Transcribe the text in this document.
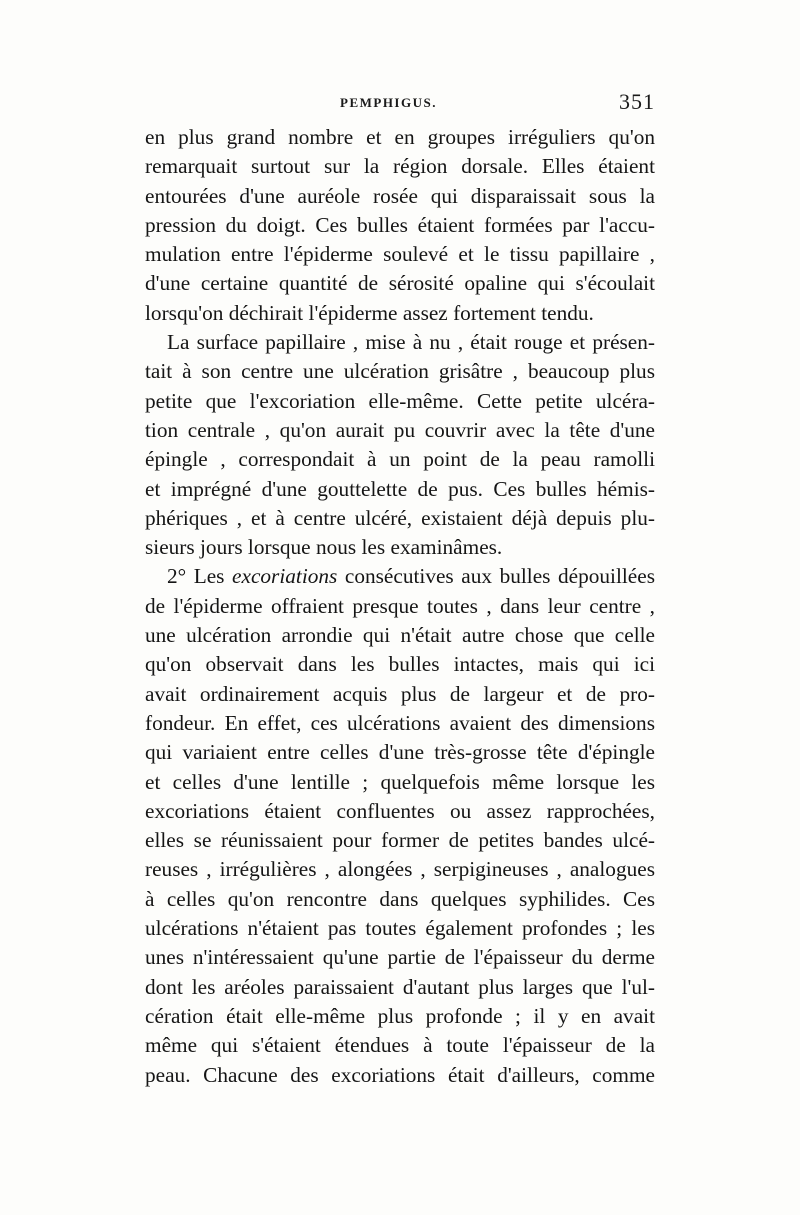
PEMPHIGUS.	351
en plus grand nombre et en groupes irréguliers qu'on
remarquait surtout sur la région dorsale. Elles étaient
entourées d'une auréole rosée qui disparaissait sous la
pression du doigt. Ces bulles étaient formées par l'accu-
mulation entre l'épiderme soulevé et le tissu papillaire ,
d'une certaine quantité de sérosité opaline qui s'écoulait
lorsqu'on déchirait l'épiderme assez fortement tendu.
La surface papillaire , mise à nu , était rouge et présen-
tait à son centre une ulcération grisâtre , beaucoup plus
petite que l'excoriation elle-même. Cette petite ulcéra-
tion centrale , qu'on aurait pu couvrir avec la tête d'une
épingle , correspondait à un point de la peau ramolli
et imprégné d'une gouttelette de pus. Ces bulles hémis-
phériques , et à centre ulcéré, existaient déjà depuis plu-
sieurs jours lorsque nous les examinâmes.
2° Les excoriations consécutives aux bulles dépouillées
de l'épiderme offraient presque toutes , dans leur centre ,
une ulcération arrondie qui n'était autre chose que celle
qu'on observait dans les bulles intactes, mais qui ici
avait ordinairement acquis plus de largeur et de pro-
fondeur. En effet, ces ulcérations avaient des dimensions
qui variaient entre celles d'une très-grosse tête d'épingle
et celles d'une lentille ; quelquefois même lorsque les
excoriations étaient confluentes ou assez rapprochées,
elles se réunissaient pour former de petites bandes ulcé-
reuses , irrégulières , alongées , serpigineuses , analogues
à celles qu'on rencontre dans quelques syphilides. Ces
ulcérations n'étaient pas toutes également profondes ; les
unes n'intéressaient qu'une partie de l'épaisseur du derme
dont les aréoles paraissaient d'autant plus larges que l'ul-
cération était elle-même plus profonde ; il y en avait
même qui s'étaient étendues à toute l'épaisseur de la
peau. Chacune des excoriations était d'ailleurs, comme
